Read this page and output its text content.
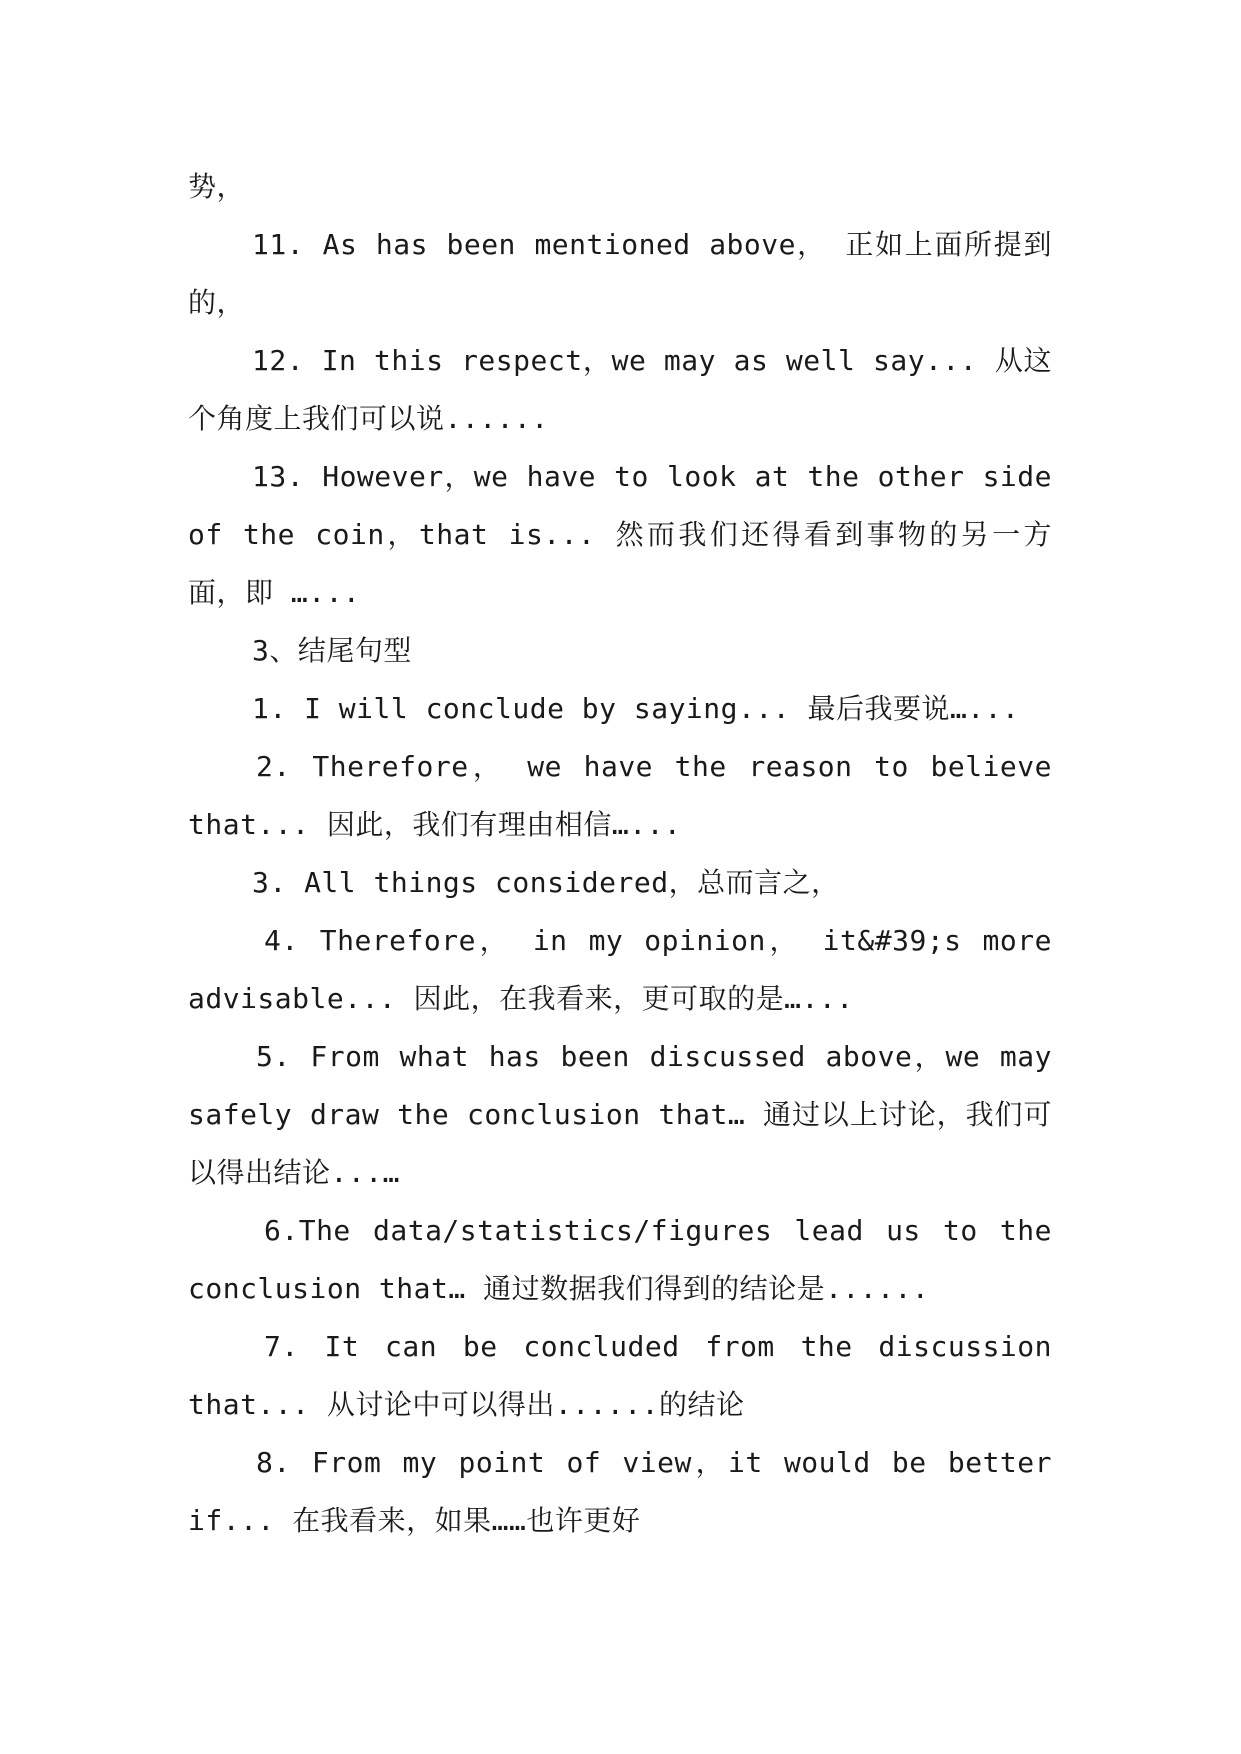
势，

11. As has been mentioned above， 正如上面所提到的，

12. In this respect，we may as well say... 从这个角度上我们可以说......

13. However，we have to look at the other side of the coin，that is... 然而我们还得看到事物的另一方面，即 …...

3、结尾句型

1. I will conclude by saying... 最后我要说…...

2. Therefore， we have the reason to believe that... 因此，我们有理由相信…...

3. All things considered，总而言之，

4. Therefore， in my opinion， it&#39;s more advisable... 因此，在我看来，更可取的是…...

5. From what has been discussed above，we may safely draw the conclusion that… 通过以上讨论，我们可以得出结论...…

6.The data/statistics/figures lead us to the conclusion that… 通过数据我们得到的结论是......

7. It can be concluded from the discussion that... 从讨论中可以得出......的结论

8. From my point of view，it would be better if... 在我看来，如果……也许更好
